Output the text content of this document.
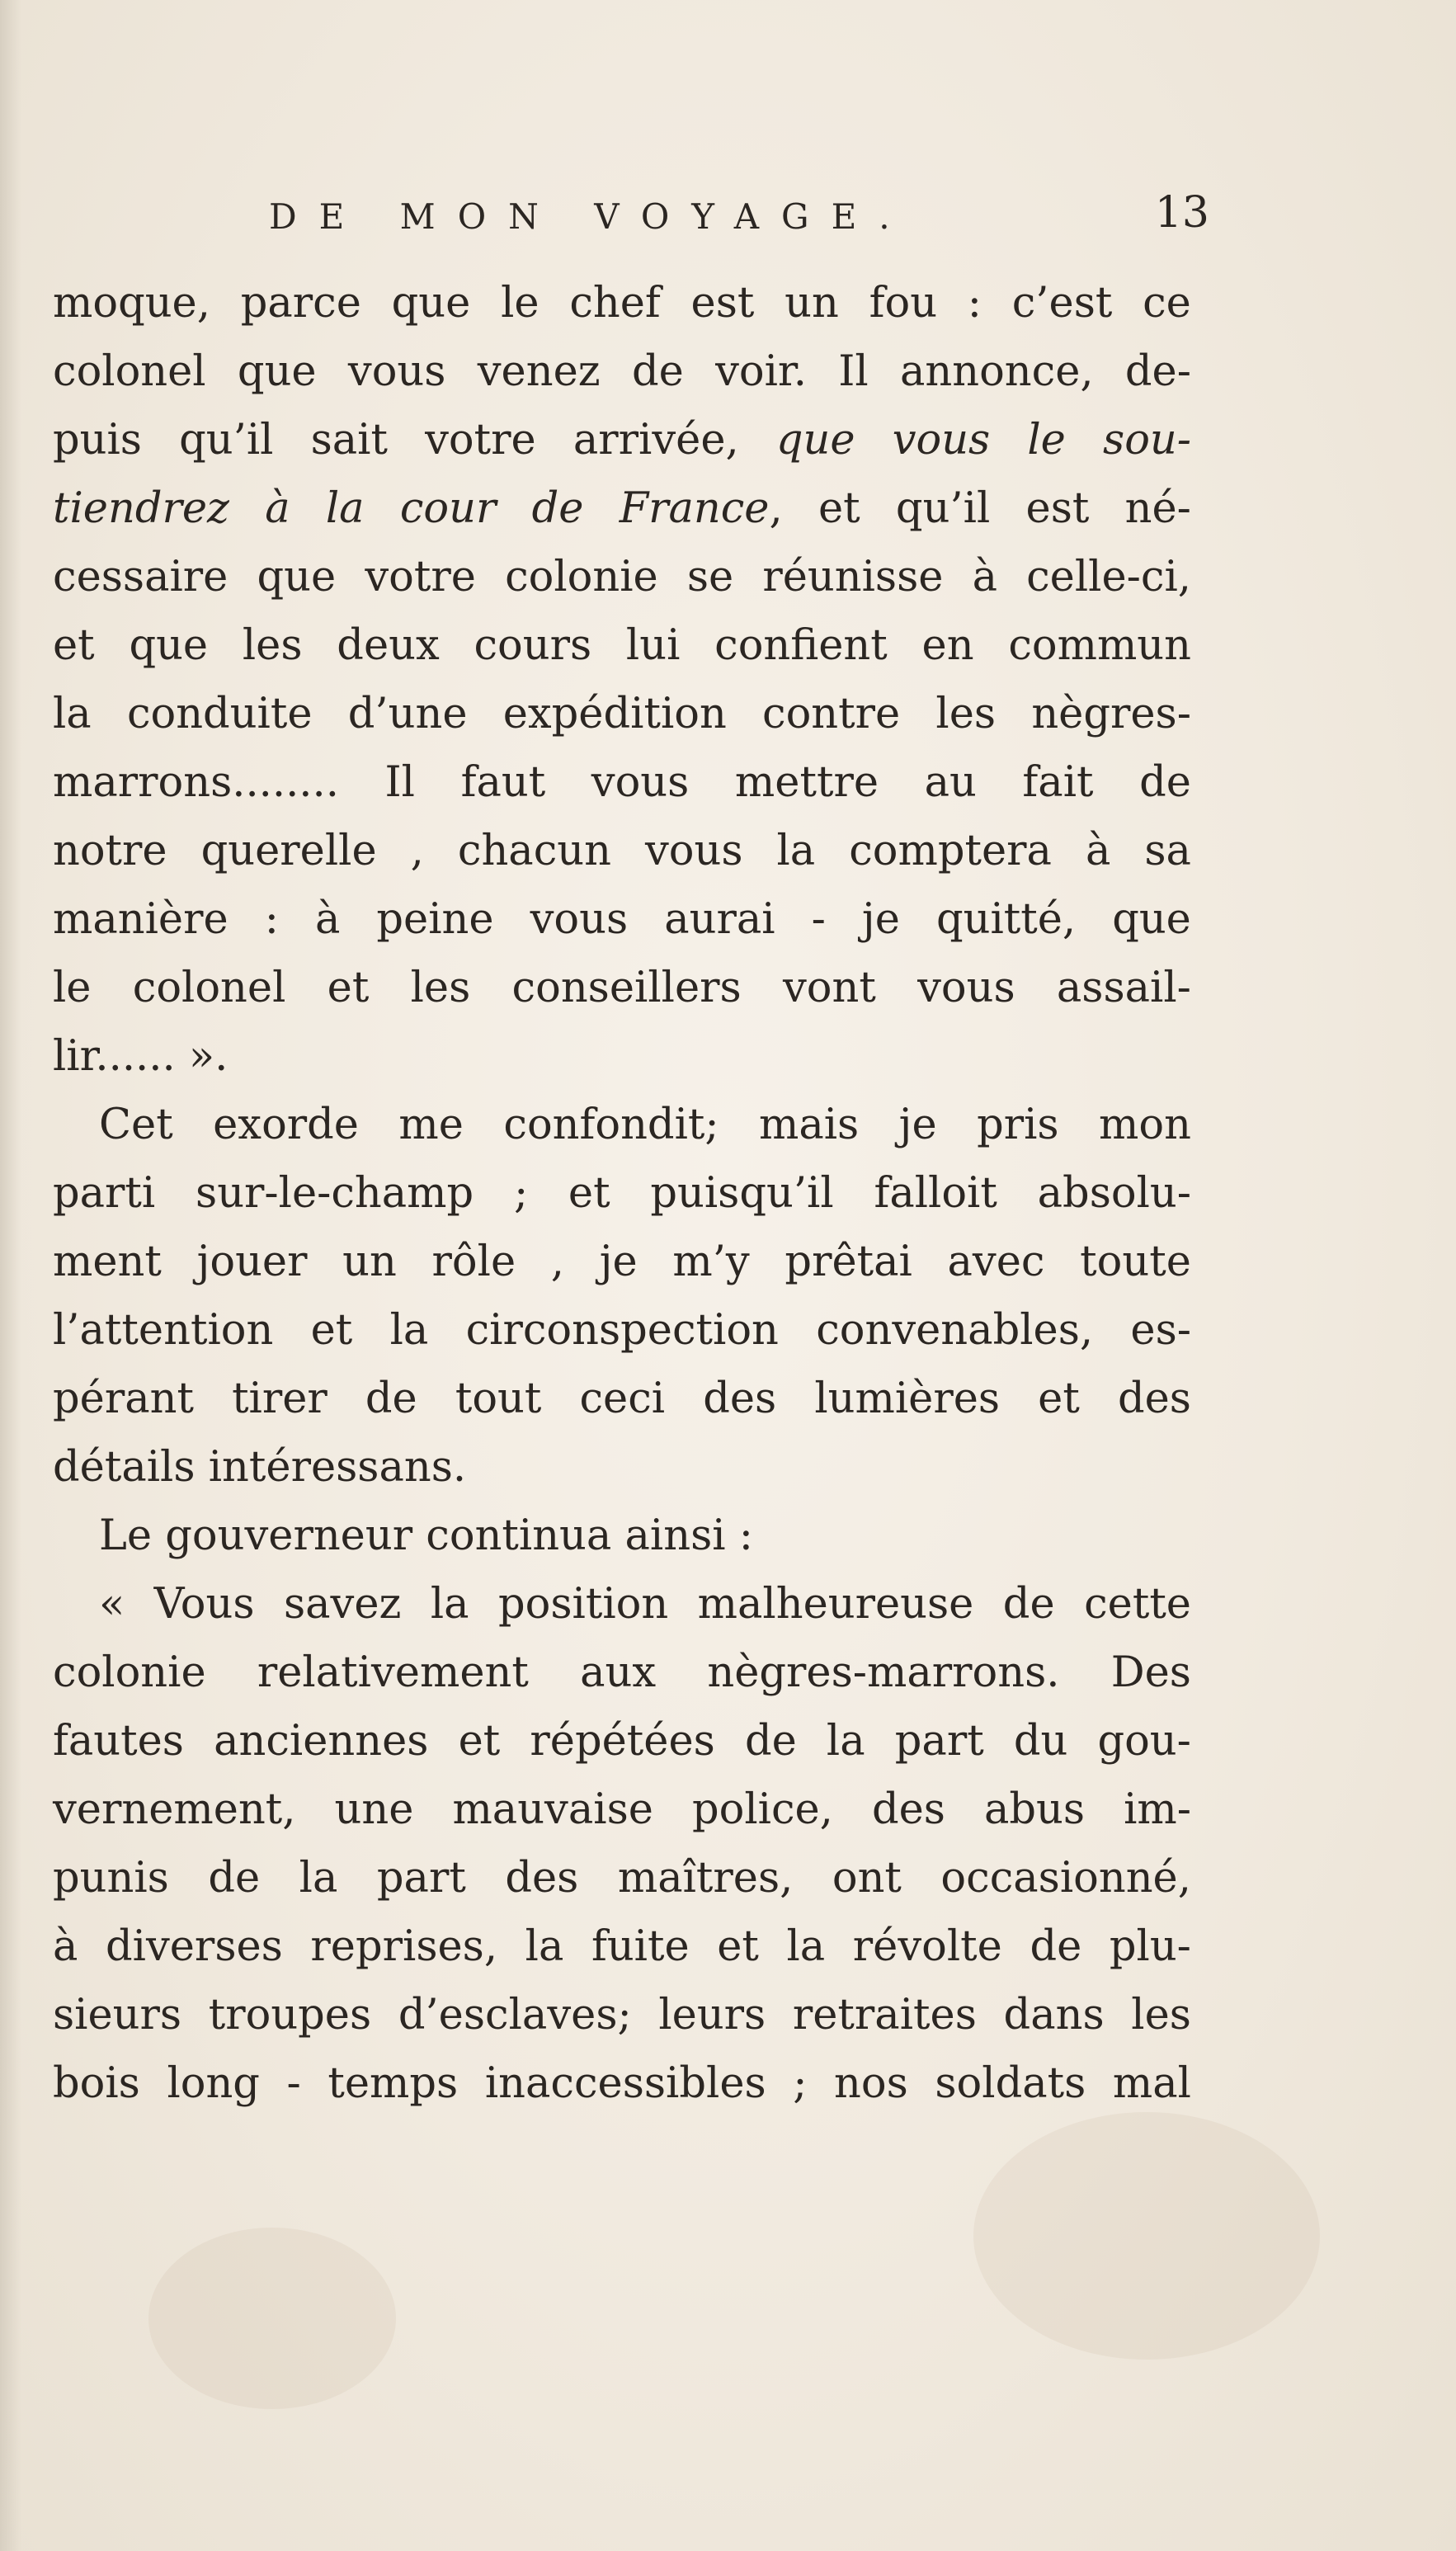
DE MON VOYAGE.	13
moque, parce que le chef est un fou : c’est ce
colonel que vous venez de voir. Il annonce, de-
puis qu’il sait votre arrivée, que vous le sou-
tiendrez à la cour de France, et qu’il est né-
cessaire que votre colonie se réunisse à celle-ci,
et que les deux cours lui confient en commun
la conduite d’une expédition contre les nègres-
marrons........ Il faut vous mettre au fait de
notre querelle , chacun vous la comptera à sa
manière : à peine vous aurai - je quitté, que
le colonel et les conseillers vont vous assail-
lir...... ».
Cet exorde me confondit; mais je pris mon
parti sur-le-champ ; et puisqu’il falloit absolu-
ment jouer un rôle , je m’y prêtai avec toute
l’attention et la circonspection convenables, es-
pérant tirer de tout ceci des lumières et des
détails intéressans.
Le gouverneur continua ainsi :
« Vous savez la position malheureuse de cette
colonie relativement aux nègres-marrons. Des
fautes anciennes et répétées de la part du gou-
vernement, une mauvaise police, des abus im-
punis de la part des maîtres, ont occasionné,
à diverses reprises, la fuite et la révolte de plu-
sieurs troupes d’esclaves; leurs retraites dans les
bois long - temps inaccessibles ; nos soldats mal
